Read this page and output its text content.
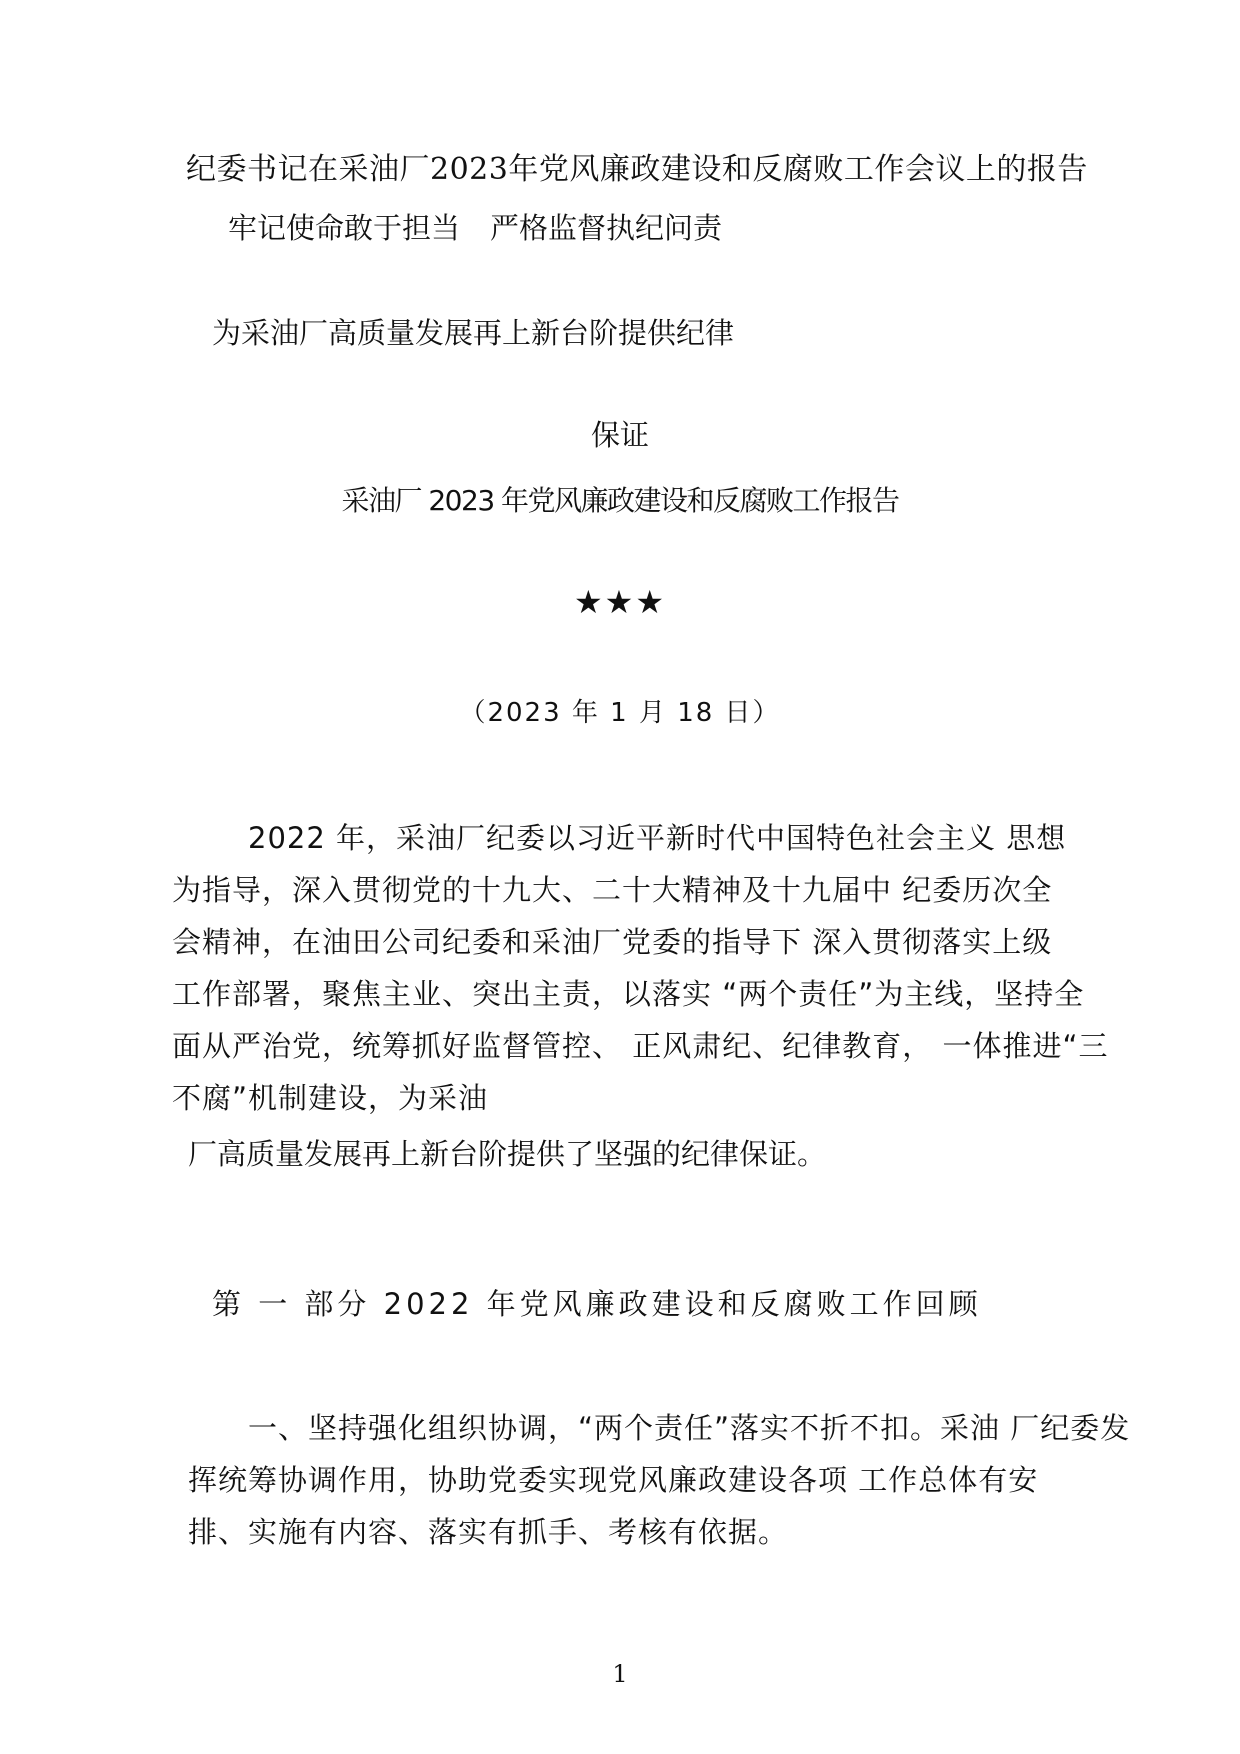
纪委书记在采油厂2023年党风廉政建设和反腐败工作会议上的报告
牢记使命敢于担当 严格监督执纪问责
为采油厂高质量发展再上新台阶提供纪律
保证
采油厂 2023 年党风廉政建设和反腐败工作报告
★★★
（2023 年 1 月 18 日）
2022 年，采油厂纪委以习近平新时代中国特色社会主义 思想
为指导，深入贯彻党的十九大、二十大精神及十九届中 纪委历次全
会精神，在油田公司纪委和采油厂党委的指导下 深入贯彻落实上级
工作部署，聚焦主业、突出主责，以落实 “两个责任”为主线，坚持全
面从严治党，统筹抓好监督管控、 正风肃纪、纪律教育， 一体推进“三
不腐”机制建设，为采油
厂高质量发展再上新台阶提供了坚强的纪律保证。
第 一 部分 2022 年党风廉政建设和反腐败工作回顾
一、坚持强化组织协调，“两个责任”落实不折不扣。采油 厂纪委发
挥统筹协调作用，协助党委实现党风廉政建设各项 工作总体有安
排、实施有内容、落实有抓手、考核有依据。
1
